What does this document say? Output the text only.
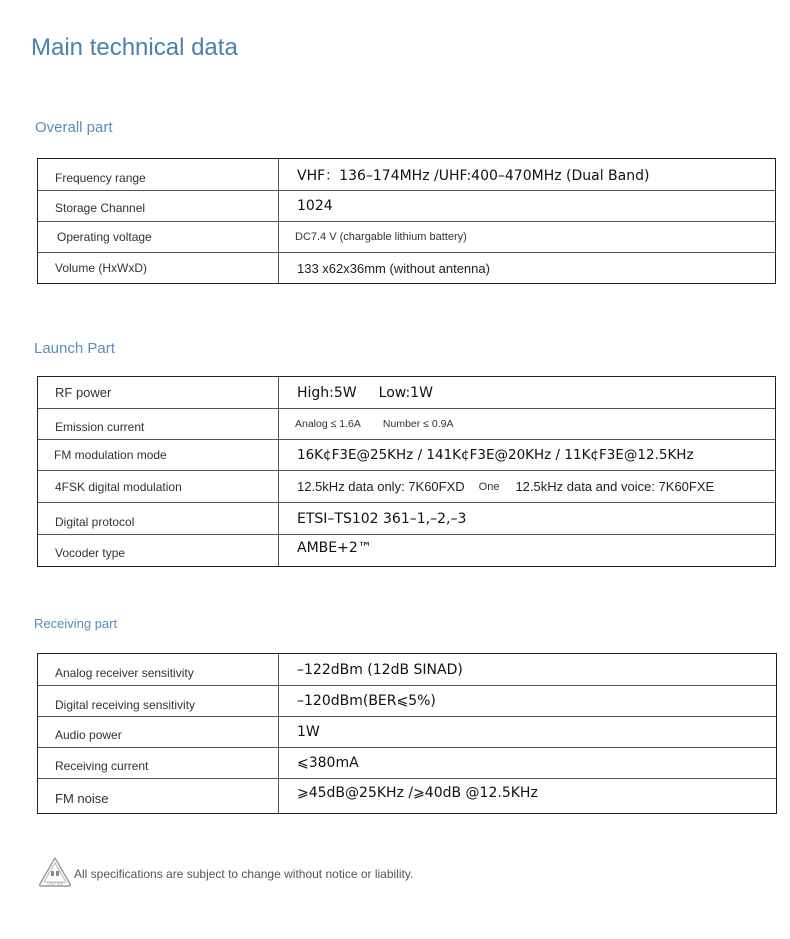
Main technical data
Overall part
Frequency range	VHF：136–174MHz /UHF:400–470MHz (Dual Band)
Storage Channel	1024
Operating voltage	DC7.4 V (chargable lithium battery)
Volume (HxWxD)	133 x62x36mm (without antenna)
Launch Part
RF power	High:5W Low:1W
Emission current	Analog ≤ 1.6A Number ≤ 0.9A
FM modulation mode	16K¢F3E@25KHz / 141K¢F3E@20KHz / 11K¢F3E@12.5KHz
4FSK digital modulation	12.5kHz data only: 7K60FXD One 12.5kHz data and voice: 7K60FXE
Digital protocol	ETSI–TS102 361–1,–2,–3
Vocoder type	AMBE+2™
Receiving part
Analog receiver sensitivity	–122dBm (12dB SINAD)
Digital receiving sensitivity	–120dBm(BER⩽5%)
Audio power	1W
Receiving current	⩽380mA
FM noise	⩾45dB@25KHz /⩾40dB @12.5KHz
CAUTION
All specifications are subject to change without notice or liability.
